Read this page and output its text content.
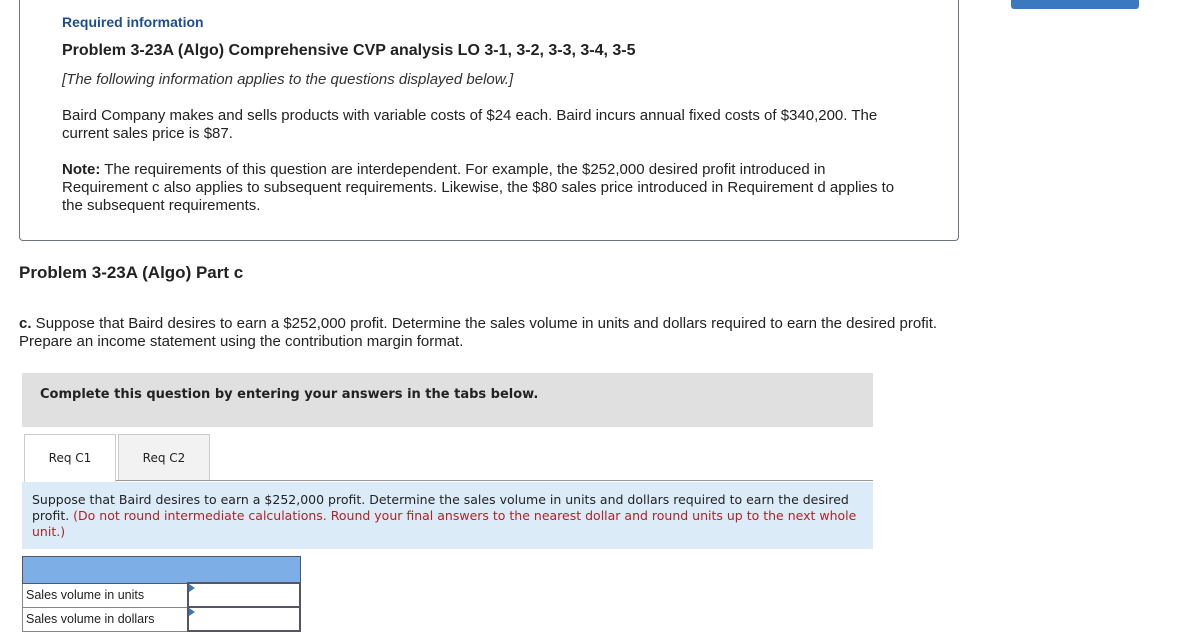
Required information
Problem 3-23A (Algo) Comprehensive CVP analysis LO 3-1, 3-2, 3-3, 3-4, 3-5
[The following information applies to the questions displayed below.]
Baird Company makes and sells products with variable costs of $24 each. Baird incurs annual fixed costs of $340,200. The current sales price is $87.
Note: The requirements of this question are interdependent. For example, the $252,000 desired profit introduced in Requirement c also applies to subsequent requirements. Likewise, the $80 sales price introduced in Requirement d applies to the subsequent requirements.
Problem 3-23A (Algo) Part c
c. Suppose that Baird desires to earn a $252,000 profit. Determine the sales volume in units and dollars required to earn the desired profit. Prepare an income statement using the contribution margin format.
Complete this question by entering your answers in the tabs below.
Req C1	Req C2
Suppose that Baird desires to earn a $252,000 profit. Determine the sales volume in units and dollars required to earn the desired profit. (Do not round intermediate calculations. Round your final answers to the nearest dollar and round units up to the next whole unit.)

Sales volume in units	
Sales volume in dollars	
